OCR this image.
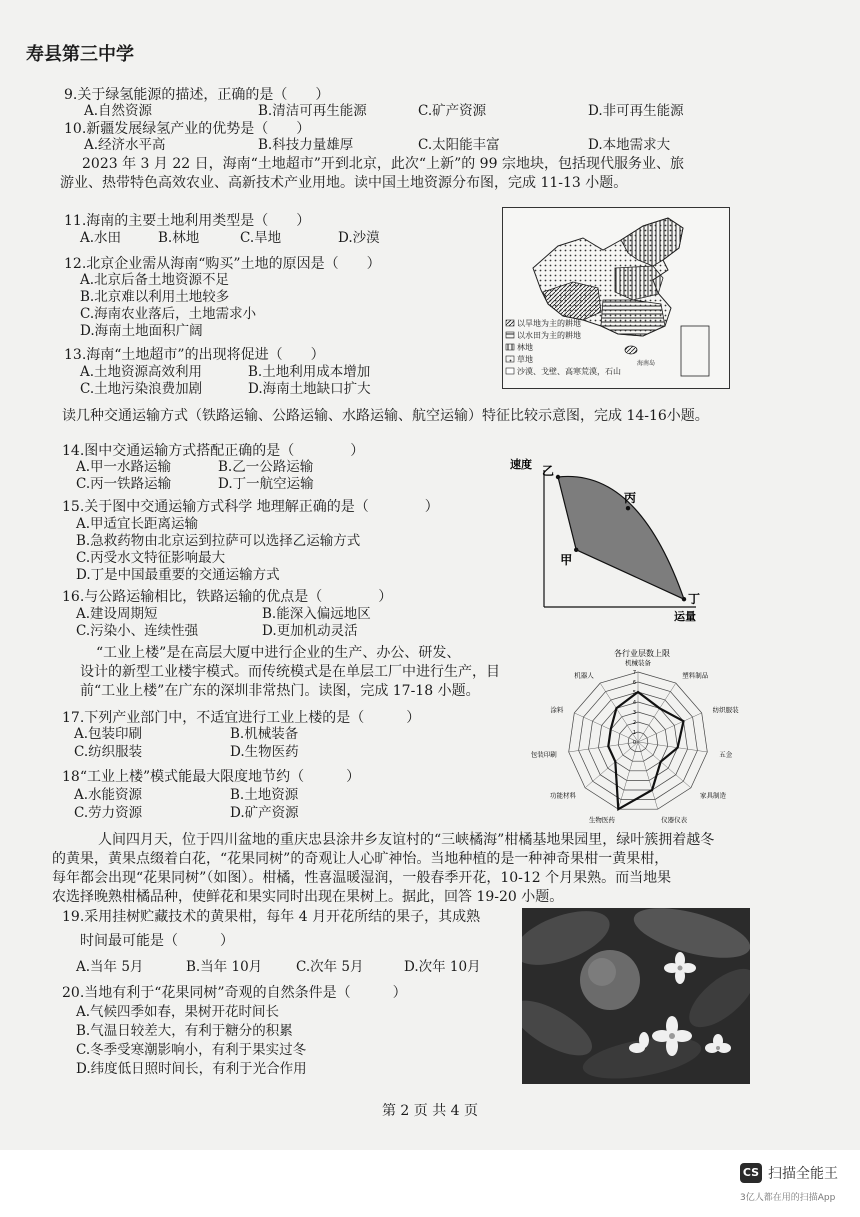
寿县第三中学
9.关于绿氢能源的描述，正确的是（　　）
A.自然资源	B.清洁可再生能源	C.矿产资源	D.非可再生能源
10.新疆发展绿氢产业的优势是（　　）
A.经济水平高	B.科技力量雄厚	C.太阳能丰富	D.本地需求大
2023 年 3 月 22 日，海南“土地超市”开到北京，此次“上新”的 99 宗地块，包括现代服务业、旅
游业、热带特色高效农业、高新技术产业用地。读中国土地资源分布图，完成 11-13 小题。
11.海南的主要土地利用类型是（　　）
A.水田	B.林地	C.旱地	D.沙漠
12.北京企业需从海南“购买”土地的原因是（　　）
A.北京后备土地资源不足
B.北京难以利用土地较多
C.海南农业落后，土地需求小
D.海南土地面积广阔
13.海南“土地超市”的出现将促进（　　）
A.土地资源高效利用	B.土地利用成本增加
C.土地污染浪费加剧	D.海南土地缺口扩大
以旱地为主的耕地
以水田为主的耕地
林地
草地
沙漠、戈壁、高寒荒漠，石山
海南岛
读几种交通运输方式（铁路运输、公路运输、水路运输、航空运输）特征比较示意图，完成 14-16小题。
14.图中交通运输方式搭配正确的是（　　　　）
A.甲一水路运输	B.乙一公路运输
C.丙一铁路运输	D.丁一航空运输
15.关于图中交通运输方式科学 地理解正确的是（　　　　）
A.甲适宜长距离运输
B.急救药物由北京运到拉萨可以选择乙运输方式
C.丙受水文特征影响最大
D.丁是中国最重要的交通运输方式
16.与公路运输相比，铁路运输的优点是（　　　　）
A.建设周期短	B.能深入偏远地区
C.污染小、连续性强	D.更加机动灵活
速度
运量
乙
丙
甲
丁
“工业上楼”是在高层大厦中进行企业的生产、办公、研发、
设计的新型工业楼宇模式。而传统模式是在单层工厂中进行生产，目
前“工业上楼”在广东的深圳非常热门。读图，完成 17-18 小题。
17.下列产业部门中，不适宜进行工业上楼的是（　　　）
A.包装印刷	B.机械装备
C.纺织服装	D.生物医药
18“工业上楼”模式能最大限度地节约（　　　）
A.水能资源	B.土地资源
C.劳力资源	D.矿产资源
各行业层数上限
0
1
2
3
4
5
6
7
机械装备
塑料制品
纺织服装
五金
家具制造
仪器仪表
生物医药
功能材料
包装印刷
涂料
机器人
人间四月天，位于四川盆地的重庆忠县涂井乡友谊村的“三峡橘海”柑橘基地果园里，绿叶簇拥着越冬
的黄果，黄果点缀着白花，“花果同树”的奇观让人心旷神怡。当地种植的是一种神奇果柑一黄果柑，
每年都会出现“花果同树”（如图）。柑橘，性喜温暖湿润，一般春季开花，10-12 个月果熟。而当地果
农选择晚熟柑橘品种，使鲜花和果实同时出现在果树上。据此，回答 19-20 小题。
19.采用挂树贮藏技术的黄果柑，每年 4 月开花所结的果子，其成熟
时间最可能是（　　　）
A.当年 5月	B.当年 10月	C.次年 5月	D.次年 10月
20.当地有利于“花果同树”奇观的自然条件是（　　　）
A.气候四季如春，果树开花时间长
B.气温日较差大，有利于糖分的积累
C.冬季受寒潮影响小，有利于果实过冬
D.纬度低日照时间长，有利于光合作用
第 2 页 共 4 页
CS 扫描全能王
3亿人都在用的扫描App
